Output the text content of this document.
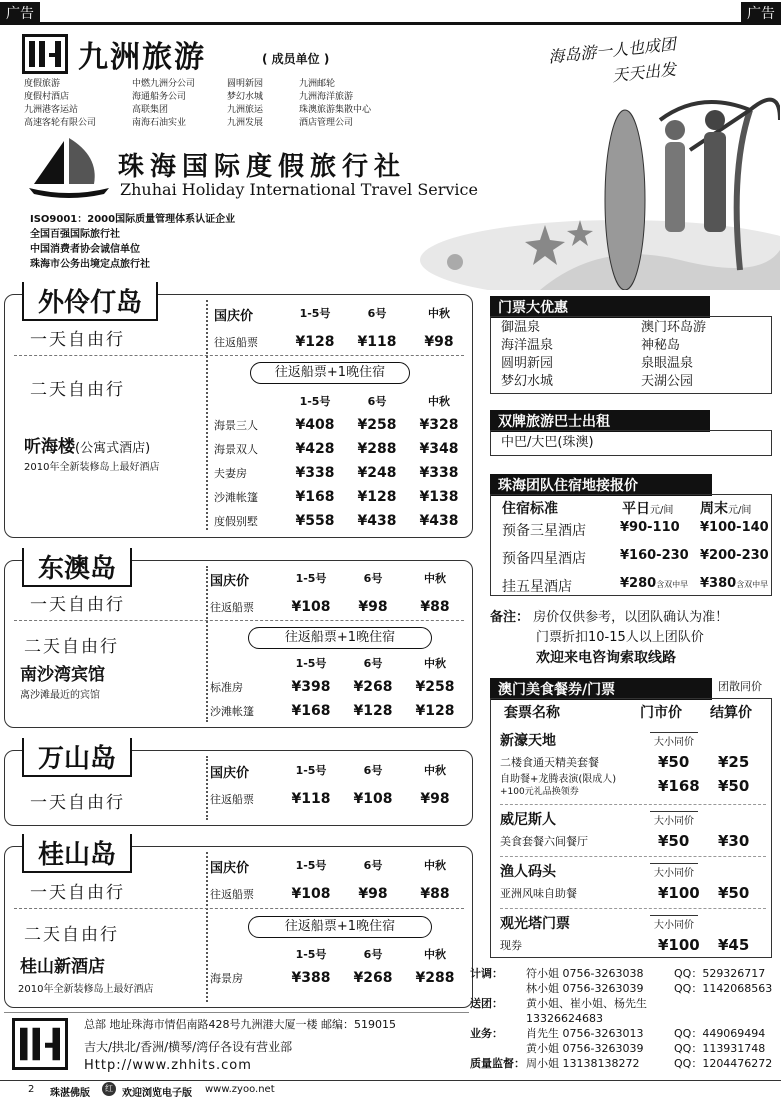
广告	广告
九洲旅游	( 成员单位 )
度假旅游	中燃九洲分公司	圆明新园	九洲邮轮
度假村酒店	海通船务公司	梦幻水城	九洲海洋旅游
九洲港客运站	高联集团	九洲旅运	珠澳旅游集散中心
高速客轮有限公司	南海石油实业	九洲发展	酒店管理公司
海岛游一人也成团
天天出发
珠海国际度假旅行社
Zhuhai Holiday International Travel Service
ISO9001：2000国际质量管理体系认证企业
全国百强国际旅行社
中国消费者协会诚信单位
珠海市公务出境定点旅行社
外伶仃岛
一天自由行
二天自由行
听海楼(公寓式酒店)
2010年全新装修岛上最好酒店
国庆价	1-5号	6号	中秋
往返船票	¥128	¥118	¥98
往返船票+1晚住宿
1-5号	6号	中秋
海景三人	¥408	¥258	¥328
海景双人	¥428	¥288	¥348
夫妻房	¥338	¥248	¥338
沙滩帐篷	¥168	¥128	¥138
度假别墅	¥558	¥438	¥438
东澳岛
一天自由行
二天自由行
南沙湾宾馆
离沙滩最近的宾馆
国庆价	1-5号	6号	中秋
往返船票	¥108	¥98	¥88
往返船票+1晚住宿
1-5号	6号	中秋
标准房	¥398	¥268	¥258
沙滩帐篷	¥168	¥128	¥128
万山岛
一天自由行
国庆价	1-5号	6号	中秋
往返船票	¥118	¥108	¥98
桂山岛
一天自由行
二天自由行
桂山新酒店
2010年全新装修岛上最好酒店
国庆价	1-5号	6号	中秋
往返船票	¥108	¥98	¥88
往返船票+1晚住宿
1-5号	6号	中秋
海景房	¥388	¥268	¥288
门票大优惠
御温泉	澳门环岛游
海洋温泉	神秘岛
圆明新园	泉眼温泉
梦幻水城	天湖公园
双牌旅游巴士出租
中巴/大巴(珠澳)
珠海团队住宿地接报价
住宿标准	平日元/间 周末元/间
预备三星酒店	¥90-110	¥100-140
预备四星酒店	¥160-230 ¥200-230
挂五星酒店	¥280含双中早 ¥380含双中早
备注： 房价仅供参考，以团队确认为准！
门票折扣10-15人以上团队价
欢迎来电咨询索取线路
澳门美食餐券/门票	团散同价
套票名称	门市价 结算价
新濠天地	大小同价
二楼食通天精美套餐	¥50	¥25
自助餐+龙腾表演(限成人)
+100元礼品换领券	¥168	¥50
威尼斯人	大小同价
美食套餐六间餐厅	¥50	¥30
渔人码头	大小同价
亚洲风味自助餐	¥100	¥50
观光塔门票	大小同价
现券	¥100	¥45
计调：	符小姐 0756-3263038	QQ：529326717
林小姐 0756-3263039	QQ：1142068563
送团：	黄小姐、崔小姐、杨先生
13326624683
业务：	肖先生 0756-3263013	QQ：449069494
黄小姐 0756-3263039	QQ：113931748
质量监督： 周小姐 13138138272	QQ：1204476272
总部 地址珠海市情侣南路428号九洲港大厦一楼 邮编：519015
吉大/拱北/香洲/横琴/湾仔各设有营业部
Http://www.zhhits.com
2 珠湛佛版	红 欢迎浏览电子版 www.zyoo.net
